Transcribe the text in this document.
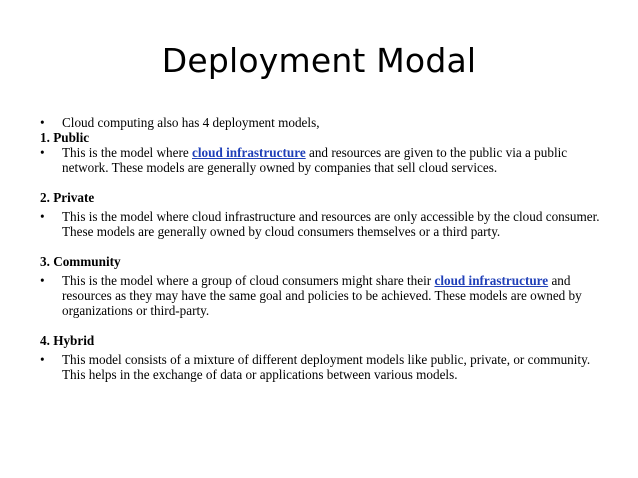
Deployment Modal
•	Cloud computing also has 4 deployment models,
1. Public
•	This is the model where cloud infrastructure and resources are given to the public via a public network. These models are generally owned by companies that sell cloud services.
2. Private
•	This is the model where cloud infrastructure and resources are only accessible by the cloud consumer. These models are generally owned by cloud consumers themselves or a third party.
3. Community
•	This is the model where a group of cloud consumers might share their cloud infrastructure and resources as they may have the same goal and policies to be achieved. These models are owned by organizations or third-party.
4. Hybrid
•	This model consists of a mixture of different deployment models like public, private, or community. This helps in the exchange of data or applications between various models.
